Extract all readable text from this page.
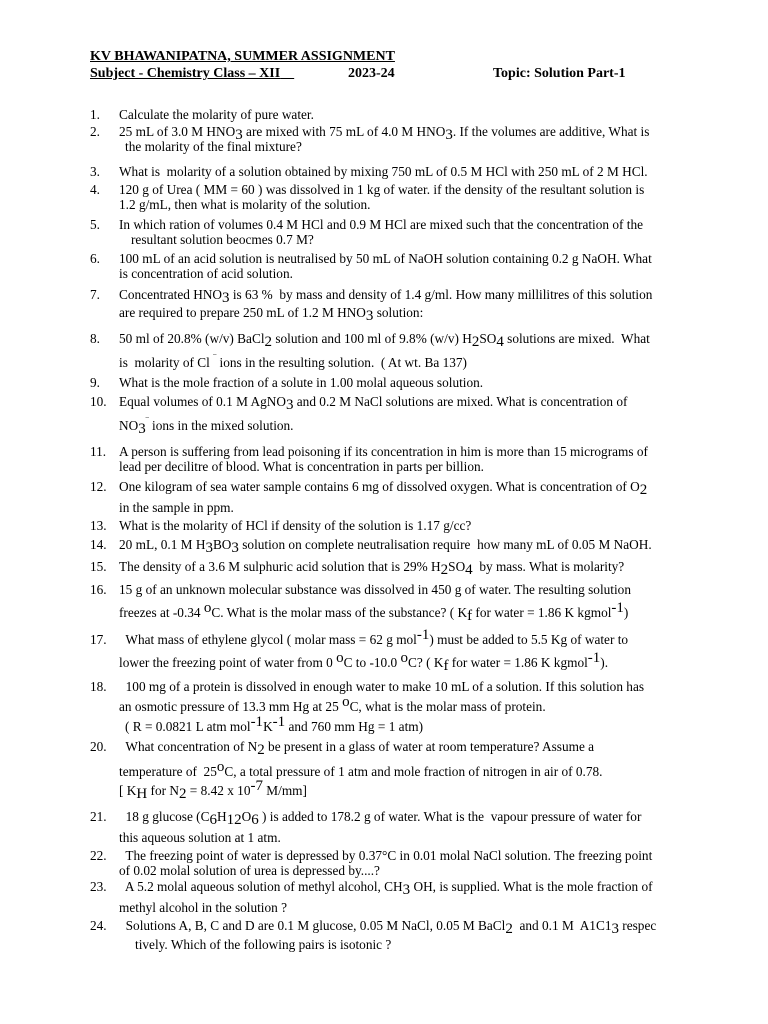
KV BHAWANIPATNA, SUMMER ASSIGNMENT
Subject - Chemistry Class – XII	2023-24	Topic: Solution Part-1
1.	Calculate the molarity of pure water.
2.	25 mL of 3.0 M $HNO_3$ are mixed with 75 mL of 4.0 M $HNO_3$. If the volumes are additive, What is
the molarity of the final mixture?
3.	What is  molarity of a solution obtained by mixing 750 mL of 0.5 M HCl with 250 mL of 2 M HCl.
4.	120 g of Urea ( MM = 60 ) was dissolved in 1 kg of water. if the density of the resultant solution is
1.2 g/mL, then what is molarity of the solution.
5.	In which ration of volumes 0.4 M HCl and 0.9 M HCl are mixed such that the concentration of the
resultant solution beocmes 0.7 M?
6.	100 mL of an acid solution is neutralised by 50 mL of NaOH solution containing 0.2 g NaOH. What
is concentration of acid solution.
7.	Concentrated $HNO_3$ is 63 %  by mass and density of 1.4 g/ml. How many millilitres of this solution
are required to prepare 250 mL of 1.2 M $HNO_3$ solution:
8.	50 ml of 20.8% (w/v) BaCl$_2$ solution and 100 ml of 9.8% (w/v) $H_2SO_4$ solutions are mixed.  What
is  molarity of Cl ‾ ions in the resulting solution.  ( At wt. Ba 137)
9.	What is the mole fraction of a solute in 1.00 molal aqueous solution.
10. Equal volumes of 0.1 M AgNO$_3$ and 0.2 M NaCl solutions are mixed. What is concentration of
$NO_3^‾$ ions in the mixed solution.
11. A person is suffering from lead poisoning if its concentration in him is more than 15 micrograms of
lead per decilitre of blood. What is concentration in parts per billion.
12. One kilogram of sea water sample contains 6 mg of dissolved oxygen. What is concentration of $O_2$
in the sample in ppm.
13. What is the molarity of HCl if density of the solution is 1.17 g/cc?
14. 20 mL, 0.1 M $H_3BO_3$ solution on complete neutralisation require  how many mL of 0.05 M NaOH.
15. The density of a 3.6 M sulphuric acid solution that is 29% $H_2SO_4$  by mass. What is molarity?
16. 15 g of an unknown molecular substance was dissolved in 450 g of water. The resulting solution
freezes at -0.34 $^o$C. What is the molar mass of the substance? ( $K_f$ for water = 1.86 K kgmol$^{-1}$)
17. What mass of ethylene glycol ( molar mass = 62 g mol$^{-1}$) must be added to 5.5 Kg of water to
lower the freezing point of water from 0 $^o$C to -10.0 $^o$C? ( $K_f$ for water = 1.86 K kgmol$^{-1}$).
18. 100 mg of a protein is dissolved in enough water to make 10 mL of a solution. If this solution has
an osmotic pressure of 13.3 mm Hg at 25 $^o$C, what is the molar mass of protein.
( R = 0.0821 L atm $mol^{-1}K^{-1}$ and 760 mm Hg = 1 atm)
20. What concentration of $N_2$ be present in a glass of water at room temperature? Assume a
temperature of  25$^o$C, a total pressure of 1 atm and mole fraction of nitrogen in air of 0.78.
[ $K_H$ for $N_2 = 8.42$ x $10^{-7}$ M/mm]
21. 18 g glucose ($C_6H_{12}O_6$ ) is added to 178.2 g of water. What is the  vapour pressure of water for
this aqueous solution at 1 atm.
22. The freezing point of water is depressed by 0.37°C in 0.01 molal NaCl solution. The freezing point
of 0.02 molal solution of urea is depressed by....?
23. A 5.2 molal aqueous solution of methyl alcohol, $CH_3$ OH, is supplied. What is the mole fraction of
methyl alcohol in the solution ?
24. Solutions A, B, C and D are 0.1 M glucose, 0.05 M NaCl, 0.05 M BaCl$_2$  and 0.1 M  $A1C1_3$ respec
tively. Which of the following pairs is isotonic ?
